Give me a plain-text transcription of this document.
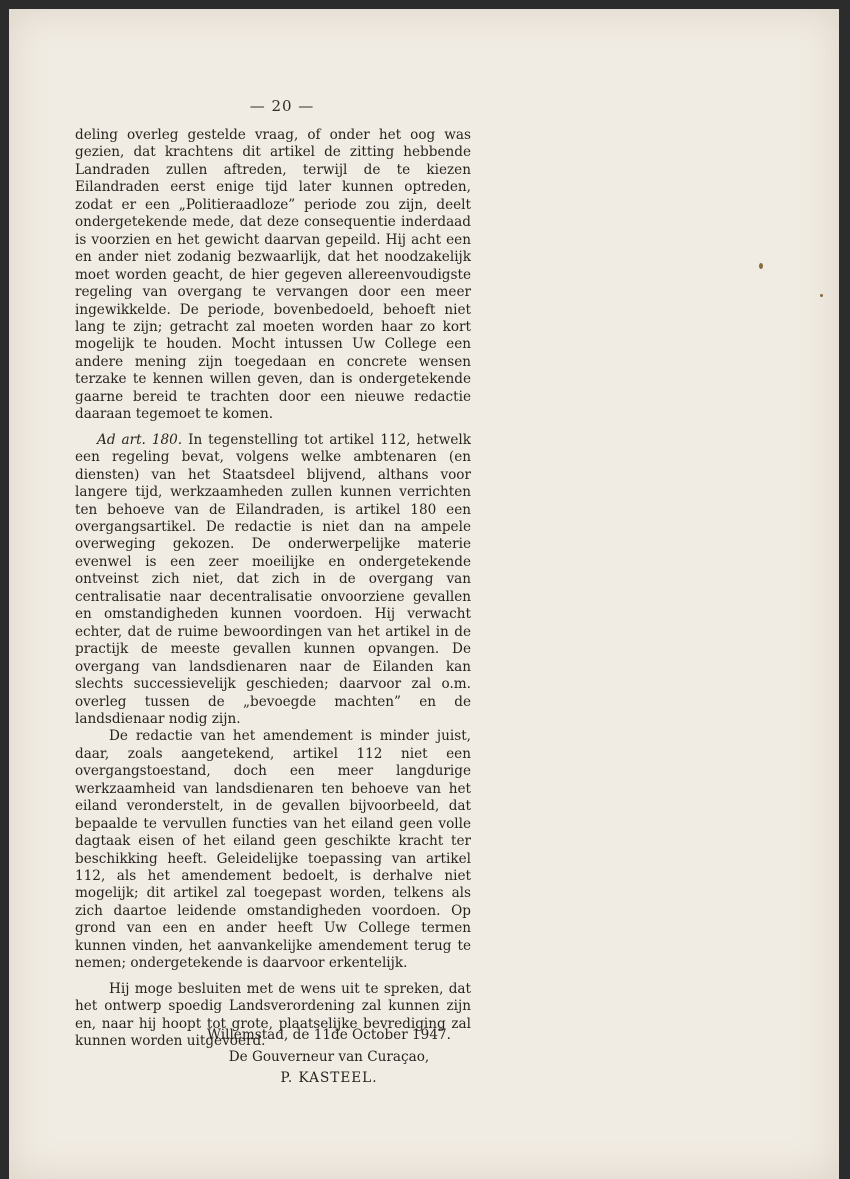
— 20 —

deling overleg gestelde vraag, of onder het oog was gezien, dat krachtens dit artikel de zitting hebbende Landraden zullen aftreden, terwijl de te kiezen Eilandraden eerst enige tijd later kunnen optreden, zodat er een „Politieraadloze” periode zou zijn, deelt ondergetekende mede, dat deze consequentie inderdaad is voorzien en het gewicht daarvan gepeild. Hij acht een en ander niet zodanig bezwaarlijk, dat het noodzakelijk moet worden geacht, de hier gegeven allereenvoudigste regeling van overgang te vervangen door een meer ingewikkelde. De periode, bovenbedoeld, behoeft niet lang te zijn; getracht zal moeten worden haar zo kort mogelijk te houden. Mocht intussen Uw College een andere mening zijn toegedaan en concrete wensen terzake te kennen willen geven, dan is ondergetekende gaarne bereid te trachten door een nieuwe redactie daaraan tegemoet te komen.

Ad art. 180. In tegenstelling tot artikel 112, hetwelk een regeling bevat, volgens welke ambtenaren (en diensten) van het Staatsdeel blijvend, althans voor langere tijd, werkzaamheden zullen kunnen verrichten ten behoeve van de Eilandraden, is artikel 180 een overgangsartikel. De redactie is niet dan na ampele overweging gekozen. De onderwerpelijke materie evenwel is een zeer moeilijke en ondergetekende ontveinst zich niet, dat zich in de overgang van centralisatie naar decentralisatie onvoorziene gevallen en omstandigheden kunnen voordoen. Hij verwacht echter, dat de ruime bewoordingen van het artikel in de practijk de meeste gevallen kunnen opvangen. De overgang van landsdienaren naar de Eilanden kan slechts successievelijk geschieden; daarvoor zal o.m. overleg tussen de „bevoegde machten” en de landsdienaar nodig zijn.

De redactie van het amendement is minder juist, daar, zoals aangetekend, artikel 112 niet een overgangstoestand, doch een meer langdurige werkzaamheid van landsdienaren ten behoeve van het eiland veronderstelt, in de gevallen bijvoorbeeld, dat bepaalde te vervullen functies van het eiland geen volle dagtaak eisen of het eiland geen geschikte kracht ter beschikking heeft. Geleidelijke toepassing van artikel 112, als het amendement bedoelt, is derhalve niet mogelijk; dit artikel zal toegepast worden, telkens als zich daartoe leidende omstandigheden voordoen. Op grond van een en ander heeft Uw College termen kunnen vinden, het aanvankelijke amendement terug te nemen; ondergetekende is daarvoor erkentelijk.

Hij moge besluiten met de wens uit te spreken, dat het ontwerp spoedig Landsverordening zal kunnen zijn en, naar hij hoopt tot grote, plaatselijke bevrediging zal kunnen worden uitgevoerd.

Willemstad, de 11de October 1947.
De Gouverneur van Curaçao,
P. KASTEEL.
